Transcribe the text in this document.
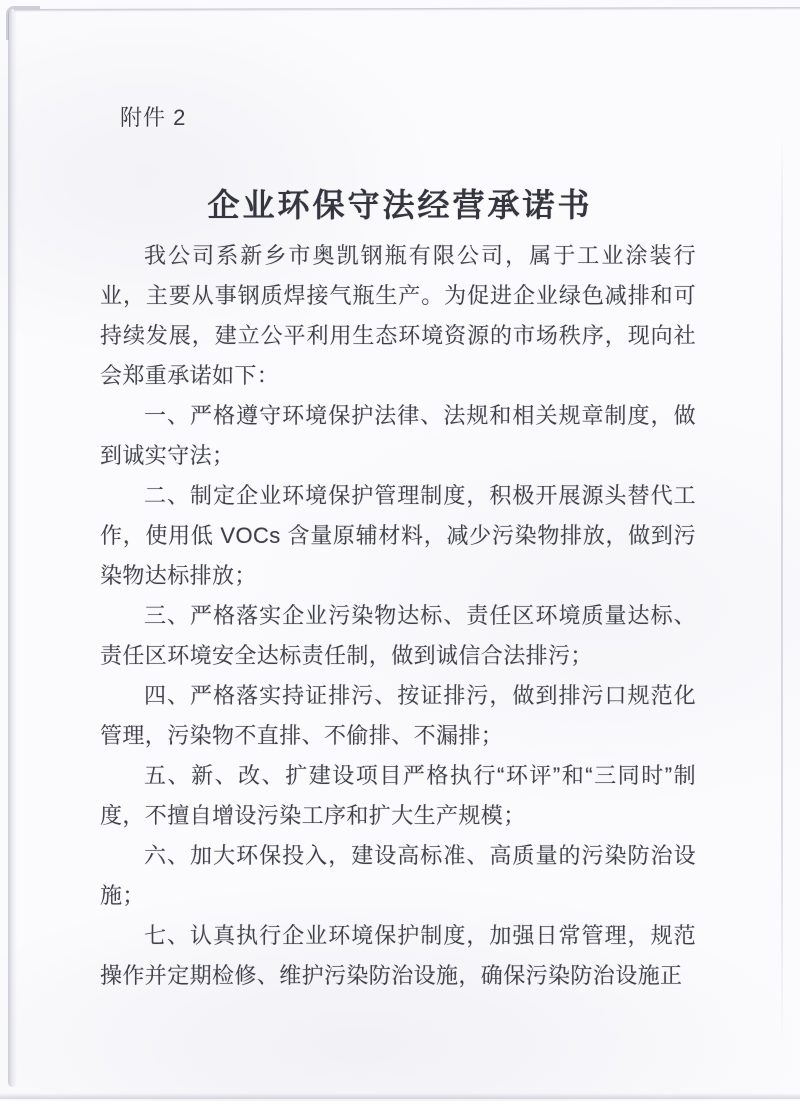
附件 2
企业环保守法经营承诺书

我公司系新乡市奥凯钢瓶有限公司，属于工业涂装行业，主要从事钢质焊接气瓶生产。为促进企业绿色减排和可持续发展，建立公平利用生态环境资源的市场秩序，现向社会郑重承诺如下：

一、严格遵守环境保护法律、法规和相关规章制度，做到诚实守法；

二、制定企业环境保护管理制度，积极开展源头替代工作，使用低 VOCs 含量原辅材料，减少污染物排放，做到污染物达标排放；

三、严格落实企业污染物达标、责任区环境质量达标、责任区环境安全达标责任制，做到诚信合法排污；

四、严格落实持证排污、按证排污，做到排污口规范化管理，污染物不直排、不偷排、不漏排；

五、新、改、扩建设项目严格执行“环评”和“三同时”制度，不擅自增设污染工序和扩大生产规模；

六、加大环保投入，建设高标准、高质量的污染防治设施；

七、认真执行企业环境保护制度，加强日常管理，规范操作并定期检修、维护污染防治设施，确保污染防治设施正
